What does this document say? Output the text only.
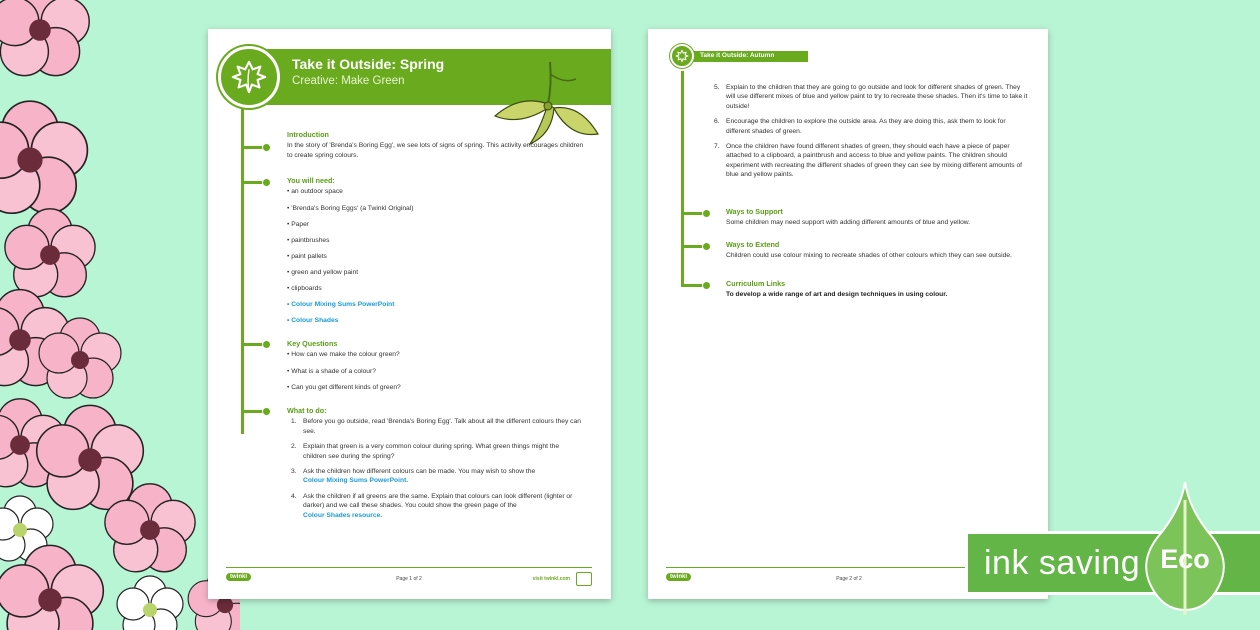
Take it Outside: Spring
Creative: Make Green
Introduction
In the story of 'Brenda's Boring Egg', we see lots of signs of spring. This activity encourages children to create spring colours.
You will need:
• an outdoor space
• 'Brenda's Boring Eggs' (a Twinkl Original)
• Paper
• paintbrushes
• paint pallets
• green and yellow paint
• clipboards
• Colour Mixing Sums PowerPoint
• Colour Shades
Key Questions
• How can we make the colour green?
• What is a shade of a colour?
• Can you get different kinds of green?
What to do:
1. Before you go outside, read 'Brenda's Boring Egg'. Talk about all the different colours they can see.
2. Explain that green is a very common colour during spring. What green things might the children see during the spring?
3. Ask the children how different colours can be made. You may wish to show the
Colour Mixing Sums PowerPoint.
4. Ask the children if all greens are the same. Explain that colours can look different (lighter or darker) and we call these shades. You could show the green page of the
Colour Shades resource.
twinkl	Page 1 of 2	visit twinkl.com
Take it Outside: Autumn
5. Explain to the children that they are going to go outside and look for different shades of green. They will use different mixes of blue and yellow paint to try to recreate these shades. Then it's time to take it outside!
6. Encourage the children to explore the outside area. As they are doing this, ask them to look for different shades of green.
7. Once the children have found different shades of green, they should each have a piece of paper attached to a clipboard, a paintbrush and access to blue and yellow paints. The children should experiment with recreating the different shades of green they can see by mixing different amounts of blue and yellow paints.
Ways to Support
Some children may need support with adding different amounts of blue and yellow.
Ways to Extend
Children could use colour mixing to recreate shades of other colours which they can see outside.
Curriculum Links
To develop a wide range of art and design techniques in using colour.
twinkl	Page 2 of 2	ink saving Eco
